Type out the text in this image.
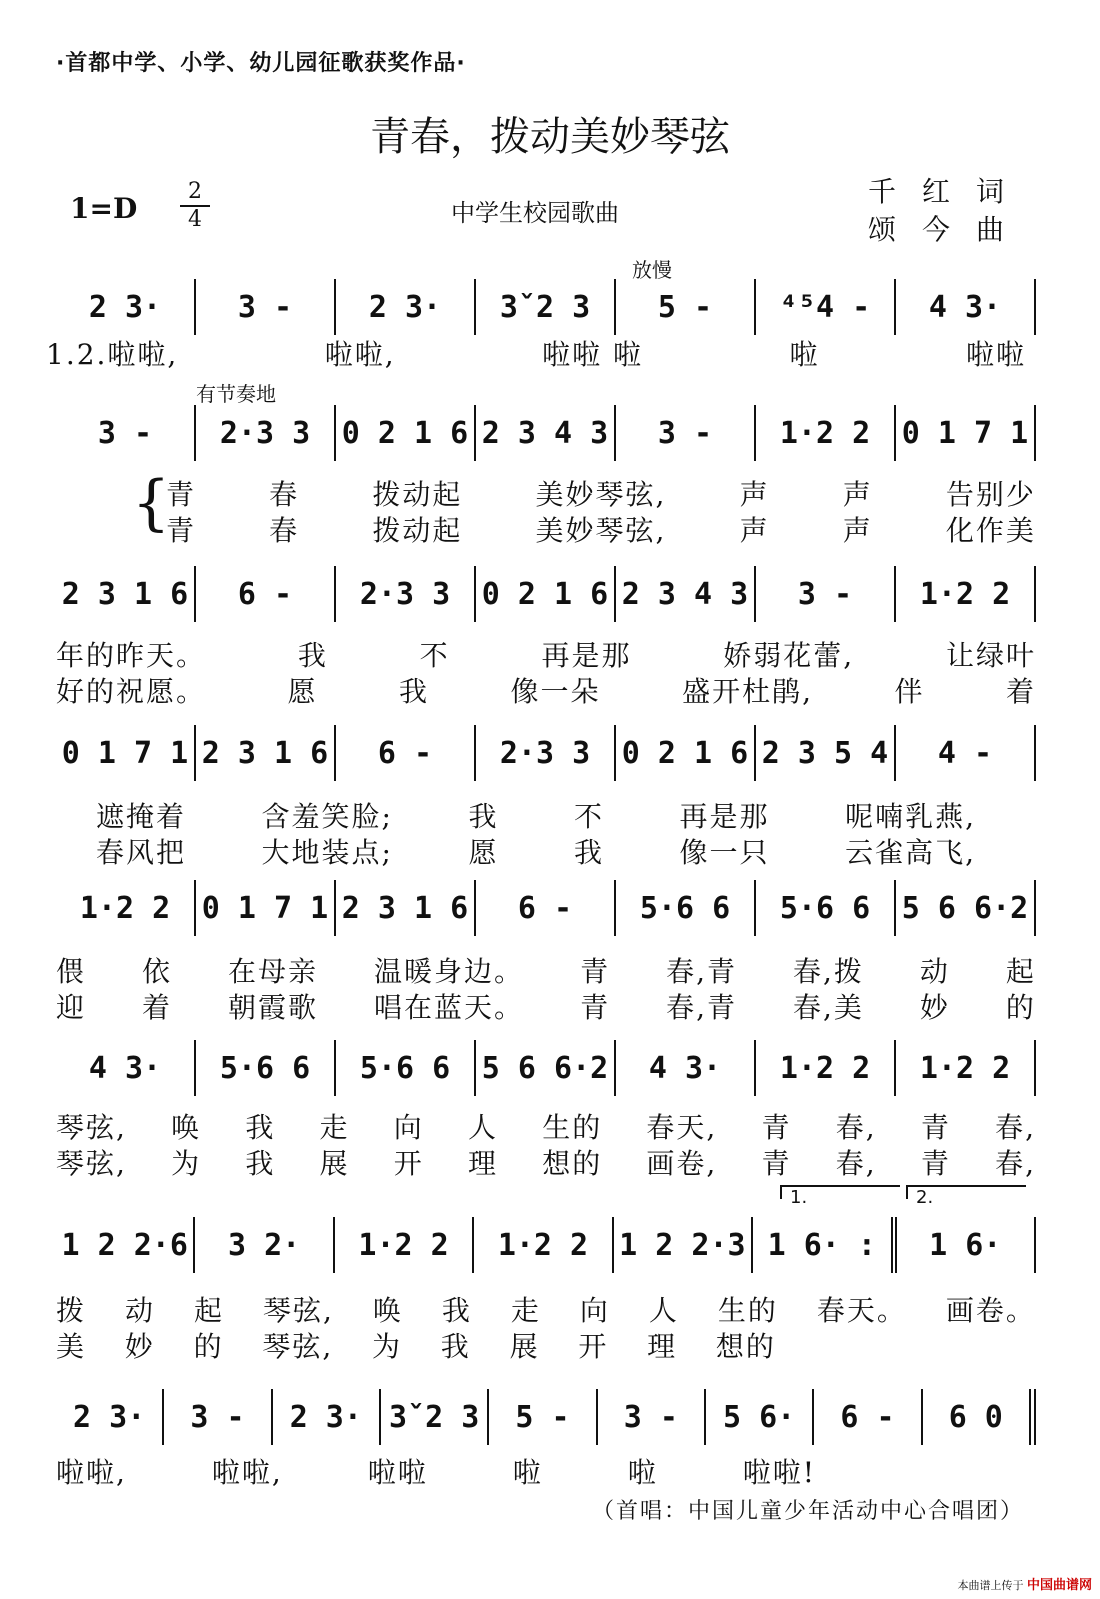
·首都中学、小学、幼儿园征歌获奖作品·
青春，拨动美妙琴弦
1=D
2
4	中学生校园歌曲
千红词
颂今曲
放慢
有节奏地
2 3·	3 -	2 3·	3ˇ2 3	5 -	⁴⁵4 -	4 3·
1.2.啦啦,	啦啦,	啦啦 啦	啦	啦啦
3 -	2·3 3	0 2 1 6 2 3 4 3	3 -	1·2 2	0 1 7 1
{
青	春	拨动起	美妙琴弦,	声	声	告别少
青	春	拨动起	美妙琴弦,	声	声	化作美
2 3 1 6	6 -	2·3 3	0 2 1 6 2 3 4 3	3 -	1·2 2
年的昨天。	我	不	再是那	娇弱花蕾,	让绿叶
好的祝愿。	愿	我	像一朵	盛开杜鹃,	伴	着
0 1 7 1 2 3 1 6	6 -	2·3 3	0 2 1 6 2 3 5 4	4 -
遮掩着	含羞笑脸;	我	不	再是那	呢喃乳燕,
春风把	大地装点;	愿	我	像一只	云雀高飞,
1·2 2	0 1 7 1 2 3 1 6	6 -	5·6 6	5·6 6	5 6 6·2
偎 依 在母亲 温暖身边。 青 春,青 春,拨 动 起
迎 着 朝霞歌 唱在蓝天。 青 春,青 春,美 妙 的
4 3·	5·6 6	5·6 6	5 6 6·2	4 3·	1·2 2	1·2 2
琴弦, 唤 我 走 向 人 生的 春天, 青 春, 青 春,
琴弦, 为 我 展 开 理 想的 画卷, 青 春, 青 春,
1.	2.
1 2 2·6	3 2·	1·2 2	1·2 2	1 2 2·3 1 6· :	1 6·
拨 动 起 琴弦, 唤 我 走 向 人 生的 春天。 画卷。
美 妙 的 琴弦, 为 我 展 开 理 想的
2 3·	3 -	2 3· 3ˇ2 3	5 -	3 -	5 6·	6 -	6 0
啦啦,	啦啦,	啦啦	啦	啦	啦啦!
（首唱：中国儿童少年活动中心合唱团）
本曲谱上传于 中国曲谱网
